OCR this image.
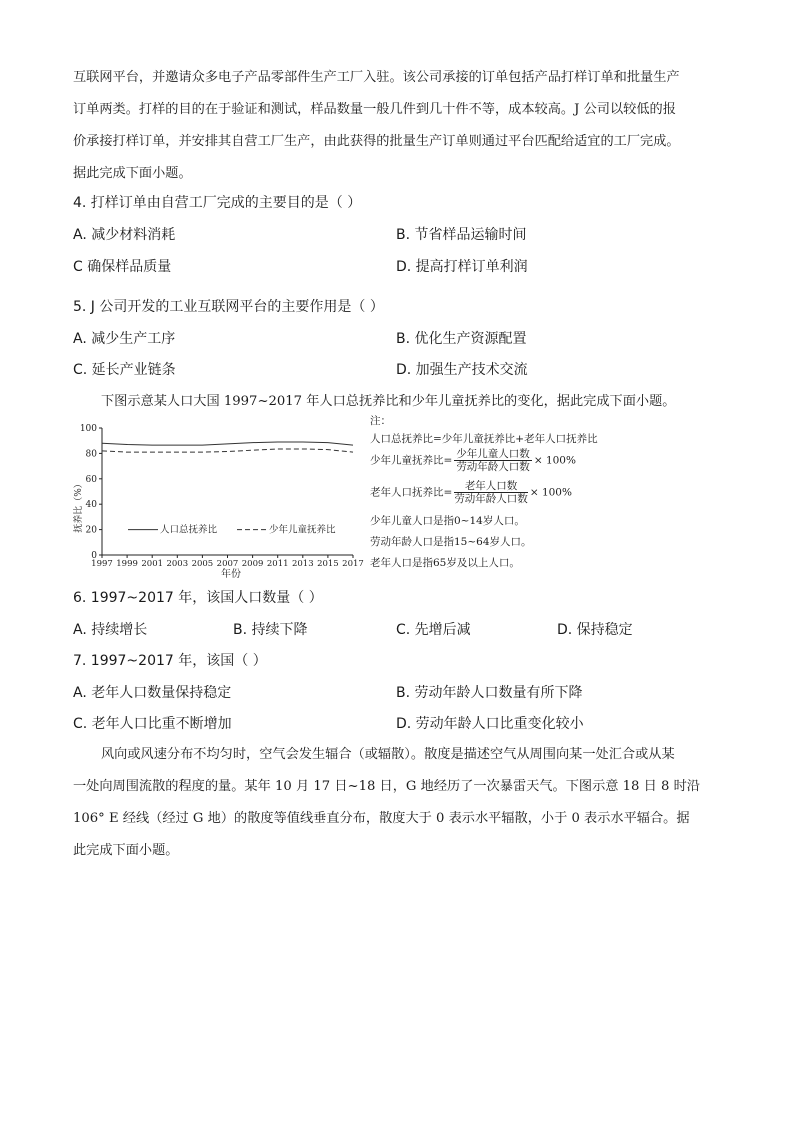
互联网平台，并邀请众多电子产品零部件生产工厂入驻。该公司承接的订单包括产品打样订单和批量生产
订单两类。打样的目的在于验证和测试，样品数量一般几件到几十件不等，成本较高。J 公司以较低的报
价承接打样订单，并安排其自营工厂生产，由此获得的批量生产订单则通过平台匹配给适宜的工厂完成。
据此完成下面小题。
4. 打样订单由自营工厂完成的主要目的是（ ）
A. 减少材料消耗	B. 节省样品运输时间
C 确保样品质量	D. 提高打样订单利润
5. J 公司开发的工业互联网平台的主要作用是（ ）
A. 减少生产工序	B. 优化生产资源配置
C. 延长产业链条	D. 加强生产技术交流
下图示意某人口大国 1997~2017 年人口总抚养比和少年儿童抚养比的变化，据此完成下面小题。
0
20
40
60
80
100
1997 1999 2001 2003 2005 2007 2009 2011 2013 2015 2017
人口总抚养比	少年儿童抚养比
抚养比（%）
年份
注：
人口总抚养比=少年儿童抚养比+老年人口抚养比
少年儿童抚养比= $\frac{\text{少年儿童人口数}}{\text{劳动年龄人口数}} \times 100\%$
老年人口抚养比= $\frac{\text{老年人口数}}{\text{劳动年龄人口数}} \times 100\%$
少年儿童人口是指0~14岁人口。
劳动年龄人口是指15~64岁人口。
老年人口是指65岁及以上人口。
6. 1997~2017 年，该国人口数量（ ）
A. 持续增长	B. 持续下降	C. 先增后减	D. 保持稳定
7. 1997~2017 年，该国（ ）
A. 老年人口数量保持稳定	B. 劳动年龄人口数量有所下降
C. 老年人口比重不断增加	D. 劳动年龄人口比重变化较小
风向或风速分布不均匀时，空气会发生辐合（或辐散）。散度是描述空气从周围向某一处汇合或从某
一处向周围流散的程度的量。某年 10 月 17 日~18 日，G 地经历了一次暴雷天气。下图示意 18 日 8 时沿
106° E 经线（经过 G 地）的散度等值线垂直分布，散度大于 0 表示水平辐散，小于 0 表示水平辐合。据
此完成下面小题。
